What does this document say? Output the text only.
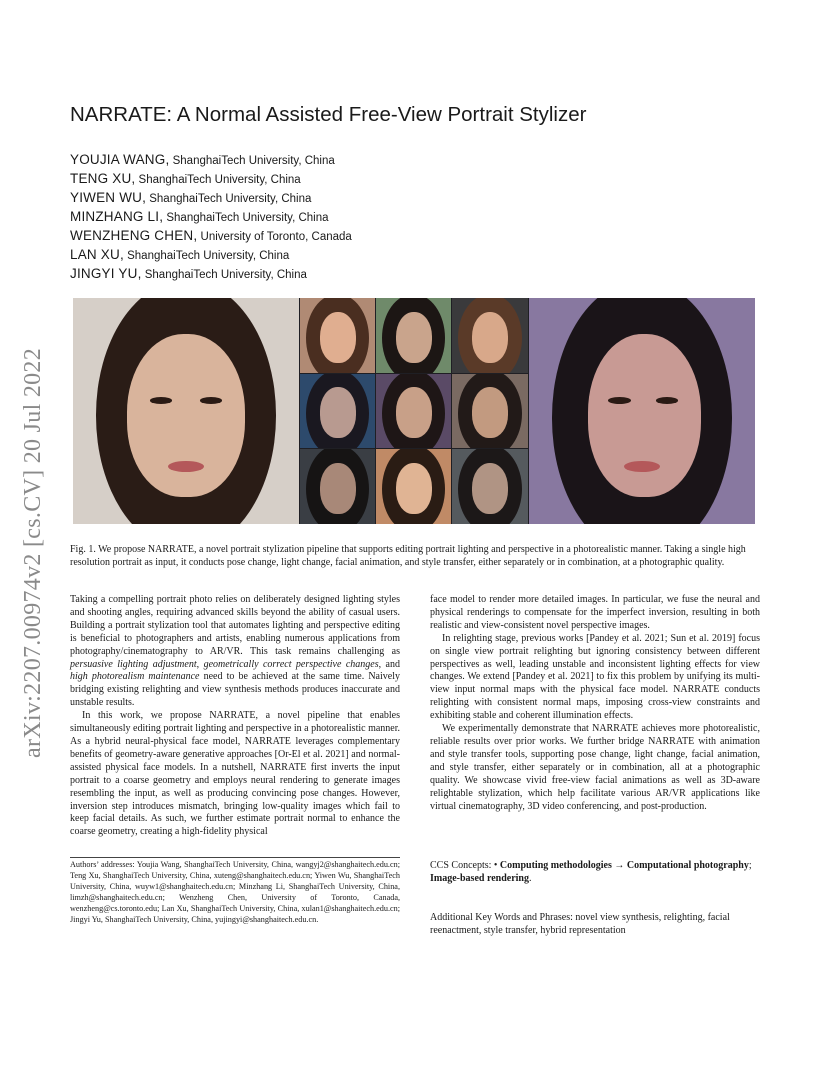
arXiv:2207.00974v2 [cs.CV] 20 Jul 2022
NARRATE: A Normal Assisted Free-View Portrait Stylizer
YOUJIA WANG, ShanghaiTech University, China
TENG XU, ShanghaiTech University, China
YIWEN WU, ShanghaiTech University, China
MINZHANG LI, ShanghaiTech University, China
WENZHENG CHEN, University of Toronto, Canada
LAN XU, ShanghaiTech University, China
JINGYI YU, ShanghaiTech University, China
Fig. 1. We propose NARRATE, a novel portrait stylization pipeline that supports editing portrait lighting and perspective in a photorealistic manner. Taking a single high resolution portrait as input, it conducts pose change, light change, facial animation, and style transfer, either separately or in combination, at a photographic quality.

Taking a compelling portrait photo relies on deliberately designed lighting styles and shooting angles, requiring advanced skills beyond the ability of casual users. Building a portrait stylization tool that automates lighting and perspective editing is beneficial to photographers and artists, enabling numerous applications from photography/cinematography to AR/VR. This task remains challenging as persuasive lighting adjustment, geometrically correct perspective changes, and high photorealism maintenance need to be achieved at the same time. Naively bridging existing relighting and view synthesis methods produces inaccurate and unstable results.

In this work, we propose NARRATE, a novel pipeline that enables simultaneously editing portrait lighting and perspective in a photorealistic manner. As a hybrid neural-physical face model, NARRATE leverages complementary benefits of geometry-aware generative approaches [Or-El et al. 2021] and normal-assisted physical face models. In a nutshell, NARRATE first inverts the input portrait to a coarse geometry and employs neural rendering to generate images resembling the input, as well as producing convincing pose changes. However, inversion step introduces mismatch, bringing low-quality images which fail to keep facial details. As such, we further estimate portrait normal to enhance the coarse geometry, creating a high-fidelity physical

face model to render more detailed images. In particular, we fuse the neural and physical renderings to compensate for the imperfect inversion, resulting in both realistic and view-consistent novel perspective images.

In relighting stage, previous works [Pandey et al. 2021; Sun et al. 2019] focus on single view portrait relighting but ignoring consistency between different perspectives as well, leading unstable and inconsistent lighting effects for view changes. We extend [Pandey et al. 2021] to fix this problem by unifying its multi-view input normal maps with the physical face model. NARRATE conducts relighting with consistent normal maps, imposing cross-view constraints and exhibiting stable and coherent illumination effects.

We experimentally demonstrate that NARRATE achieves more photorealistic, reliable results over prior works. We further bridge NARRATE with animation and style transfer tools, supporting pose change, light change, facial animation, and style transfer, either separately or in combination, all at a photographic quality. We showcase vivid free-view facial animations as well as 3D-aware relightable stylization, which help facilitate various AR/VR applications like virtual cinematography, 3D video conferencing, and post-production.

Authors’ addresses: Youjia Wang, ShanghaiTech University, China, wangyj2@shanghaitech.edu.cn; Teng Xu, ShanghaiTech University, China, xuteng@shanghaitech.edu.cn; Yiwen Wu, ShanghaiTech University, China, wuyw1@shanghaitech.edu.cn; Minzhang Li, ShanghaiTech University, China, limzh@shanghaitech.edu.cn; Wenzheng Chen, University of Toronto, Canada, wenzheng@cs.toronto.edu; Lan Xu, ShanghaiTech University, China, xulan1@shanghaitech.edu.cn; Jingyi Yu, ShanghaiTech University, China, yujingyi@shanghaitech.edu.cn.
CCS Concepts: • Computing methodologies → Computational photography; Image-based rendering.
Additional Key Words and Phrases: novel view synthesis, relighting, facial reenactment, style transfer, hybrid representation
